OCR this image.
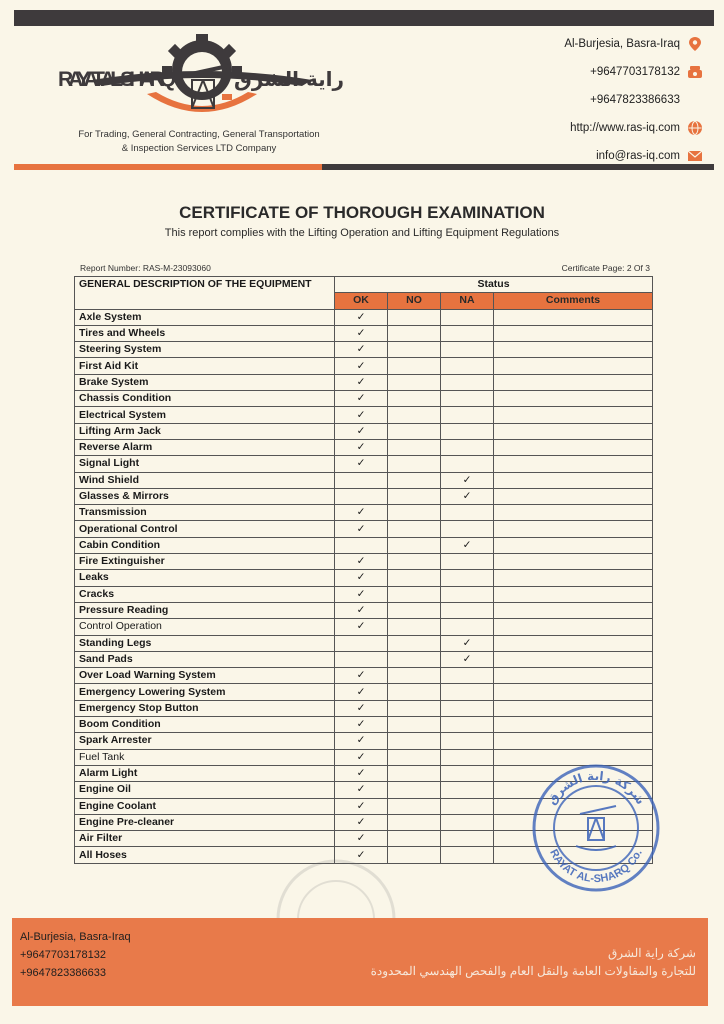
RAYAT AL-SHARQ	راية الشرق
For Trading, General Contracting, General Transportation
& Inspection Services LTD Company
Al-Burjesia, Basra-Iraq
+9647703178132
+9647823386633
http://www.ras-iq.com
info@ras-iq.com
CERTIFICATE OF THOROUGH EXAMINATION
This report complies with the Lifting Operation and Lifting Equipment Regulations
Report Number: RAS-M-23093060	Certificate Page: 2 Of 3
GENERAL DESCRIPTION OF THE EQUIPMENT	Status			
	OK	NO	NA	Comments
Axle System	✓			
Tires and Wheels	✓			
Steering System	✓			
First Aid Kit	✓			
Brake System	✓			
Chassis Condition	✓			
Electrical System	✓			
Lifting Arm Jack	✓			
Reverse Alarm	✓			
Signal Light	✓			
Wind Shield			✓	
Glasses & Mirrors			✓	
Transmission	✓			
Operational Control	✓			
Cabin Condition			✓	
Fire Extinguisher	✓			
Leaks	✓			
Cracks	✓			
Pressure Reading	✓			
Control Operation	✓			
Standing Legs			✓	
Sand Pads			✓	
Over Load Warning System	✓			
Emergency Lowering System	✓			
Emergency Stop Button	✓			
Boom Condition	✓			
Spark Arrester	✓			
Fuel Tank	✓			
Alarm Light	✓			
Engine Oil	✓			
Engine Coolant	✓			
Engine Pre-cleaner	✓			
Air Filter	✓			
All Hoses	✓			
شركة راية الشرق
RAYAT AL-SHARQ Co.
Al-Burjesia, Basra-Iraq
+9647703178132
+9647823386633
شركة راية الشرق
للتجارة والمقاولات العامة والنقل العام والفحص الهندسي المحدودة
